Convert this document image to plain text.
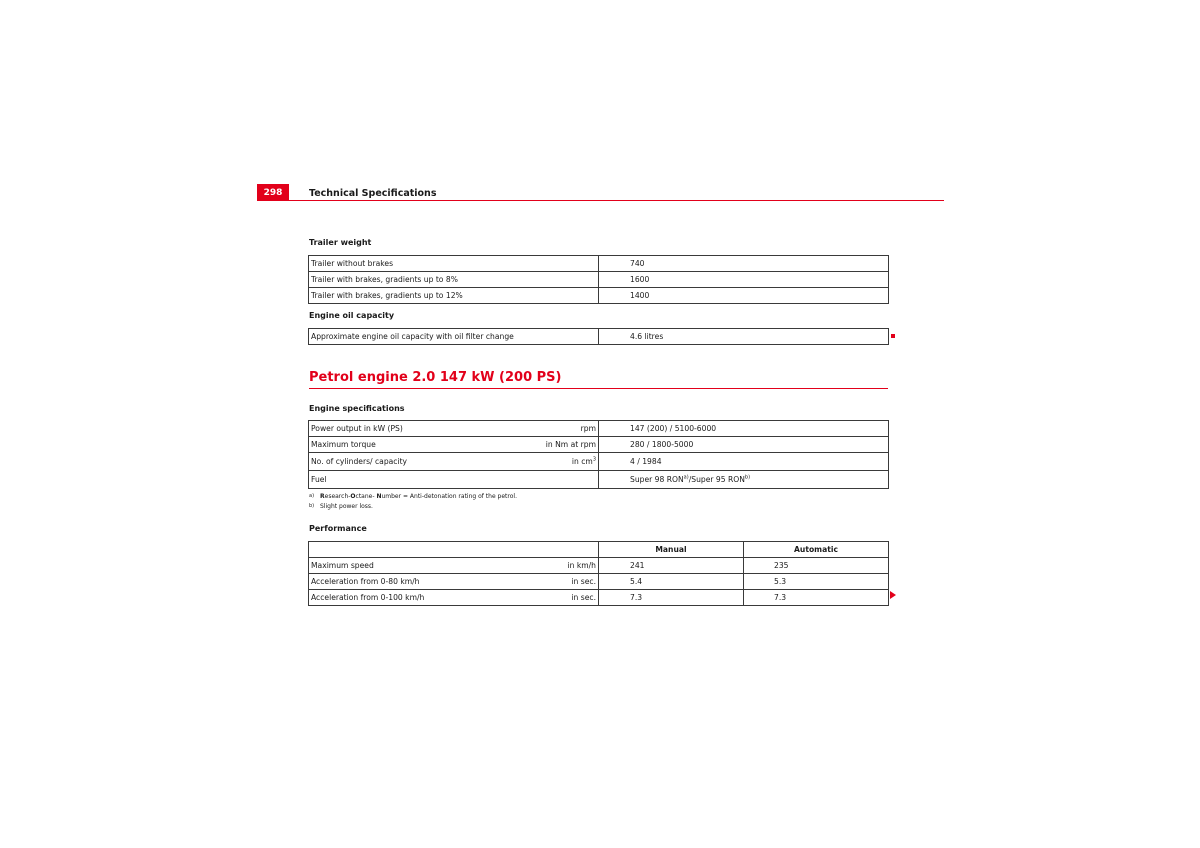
298	Technical Specifications
Trailer weight
Trailer without brakes	740
Trailer with brakes, gradients up to 8%	1600
Trailer with brakes, gradients up to 12%	1400
Engine oil capacity
Approximate engine oil capacity with oil filter change	4.6 litres
Petrol engine 2.0 147 kW (200 PS)
Engine specifications
Power output in kW (PS) rpm	147 (200) / 5100-6000

Maximum torque in Nm at rpm	280 / 1800-5000

No. of cylinders/ capacity in $cm^3$	4 / 1984
Fuel	Super 98 RON$^{a)}$/Super 95 RON$^{b)}$
a) Research-Octane- Number = Anti-detonation rating of the petrol.
b) Slight power loss.
Performance
	Manual	Automatic

Maximum speed in km/h	241	235

Acceleration from 0-80 km/h in sec.	5.4	5.3

Acceleration from 0-100 km/h in sec.	7.3	7.3
